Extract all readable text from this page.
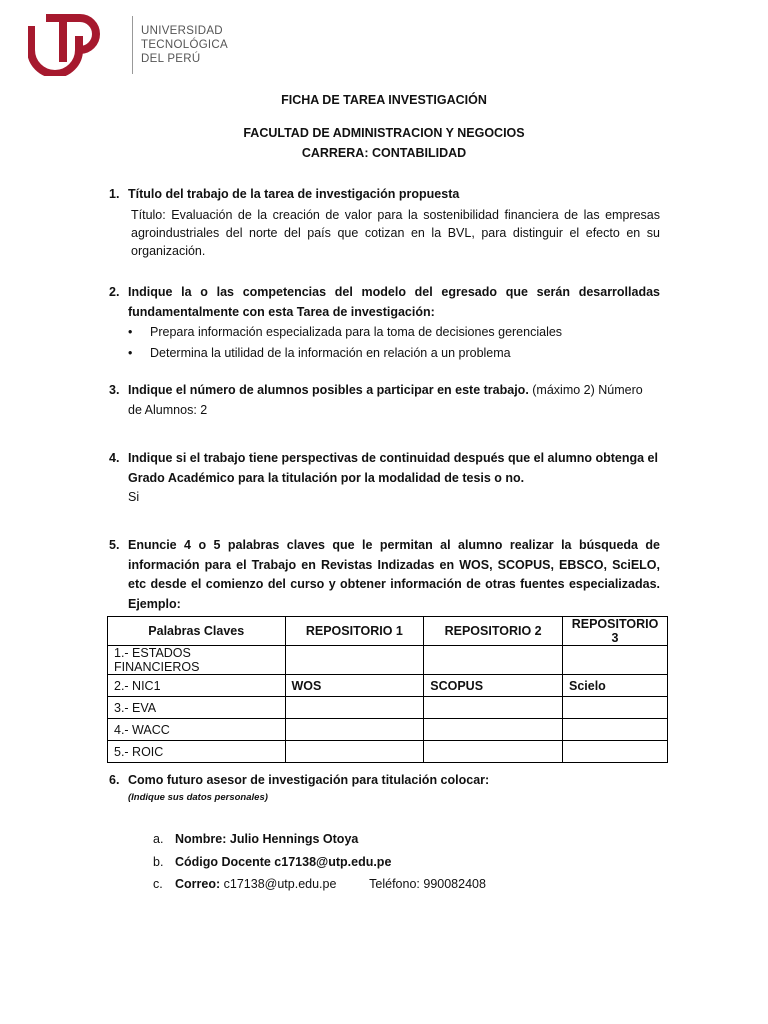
UNIVERSIDAD
TECNOLÓGICA
DEL PERÚ
FICHA DE TAREA INVESTIGACIÓN
FACULTAD DE ADMINISTRACION Y NEGOCIOS
CARRERA: CONTABILIDAD
1. Título del trabajo de la tarea de investigación propuesta
Título: Evaluación de la creación de valor para la sostenibilidad financiera de las empresas agroindustriales del norte del país que cotizan en la BVL, para distinguir el efecto en su organización.
2. Indique la o las competencias del modelo del egresado que serán desarrolladas fundamentalmente con esta Tarea de investigación:
• Prepara información especializada para la toma de decisiones gerenciales
• Determina la utilidad de la información en relación a un problema
3. Indique el número de alumnos posibles a participar en este trabajo. (máximo 2) Número de Alumnos: 2
4. Indique si el trabajo tiene perspectivas de continuidad después que el alumno obtenga el Grado Académico para la titulación por la modalidad de tesis o no.
Si
5. Enuncie 4 o 5 palabras claves que le permitan al alumno realizar la búsqueda de información para el Trabajo en Revistas Indizadas en WOS, SCOPUS, EBSCO, SciELO, etc desde el comienzo del curso y obtener información de otras fuentes especializadas. Ejemplo:
Palabras Claves	REPOSITORIO 1	REPOSITORIO 2	REPOSITORIO 3
1.- ESTADOS FINANCIEROS			
2.- NIC1	WOS	SCOPUS	Scielo
3.- EVA			
4.- WACC			
5.- ROIC			
6. Como futuro asesor de investigación para titulación colocar:
(Indique sus datos personales)
a. Nombre: Julio Hennings Otoya
b. Código Docente c17138@utp.edu.pe
c. Correo: c17138@utp.edu.pe	Teléfono: 990082408
